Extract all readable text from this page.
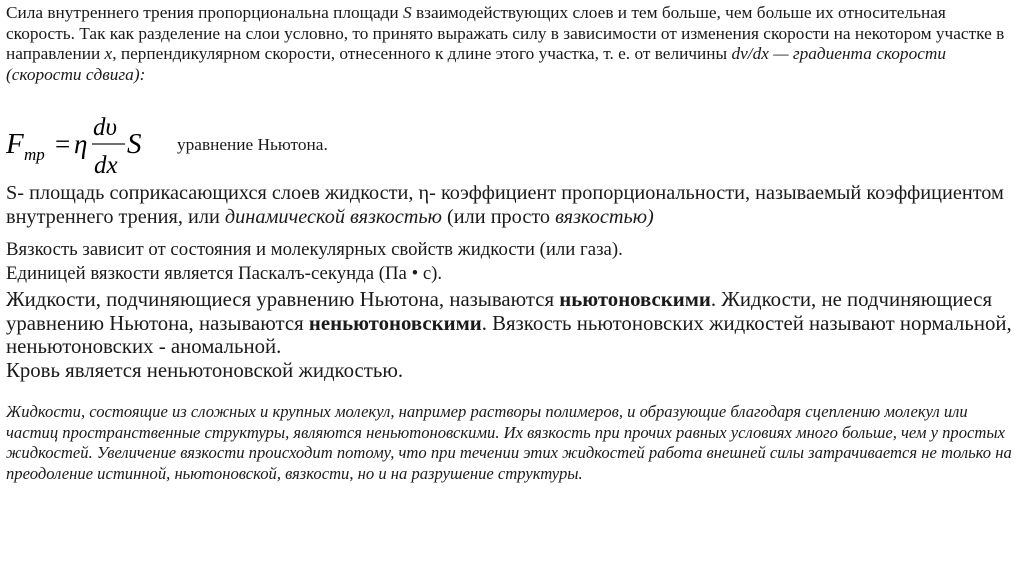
Сила внутреннего трения пропорциональна площади S взаимодействующих слоев и тем больше, чем больше их относительная скорость. Так как разделение на слои условно, то принято выражать силу в зависимости от изменения скорости на некотором участке в направлении x, перпендикулярном скорости, отнесенного к длине этого участка, т. е. от величины dv/dx — градиента скорости (скорости сдвига):

F mp = η
dυ
dx
S уравнение Ньютона.

S- площадь соприкасающихся слоев жидкости, η- коэффициент пропорциональности, называемый коэффициентом внутреннего трения, или динамической вязкостью (или просто вязкостью)

Вязкость зависит от состояния и молекулярных свойств жидкости (или газа).
Единицей вязкости является Паскалъ-секунда (Па • с).
Жидкости, подчиняющиеся уравнению Ньютона, называются ньютоновскими. Жидкости, не подчиняющиеся уравнению Ньютона, называются неньютоновскими. Вязкость ньютоновских жидкостей называют нормальной, неньютоновских - аномальной.
Кровь является неньютоновской жидкостью.

Жидкости, состоящие из сложных и крупных молекул, например растворы полимеров, и образующие благодаря сцеплению молекул или частиц пространственные структуры, являются неньютоновскими. Их вязкость при прочих равных условиях много больше, чем у простых жидкостей. Увеличение вязкости происходит потому, что при течении этих жидкостей работа внешней силы затрачивается не только на преодоление истинной, ньютоновской, вязкости, но и на разрушение структуры.
